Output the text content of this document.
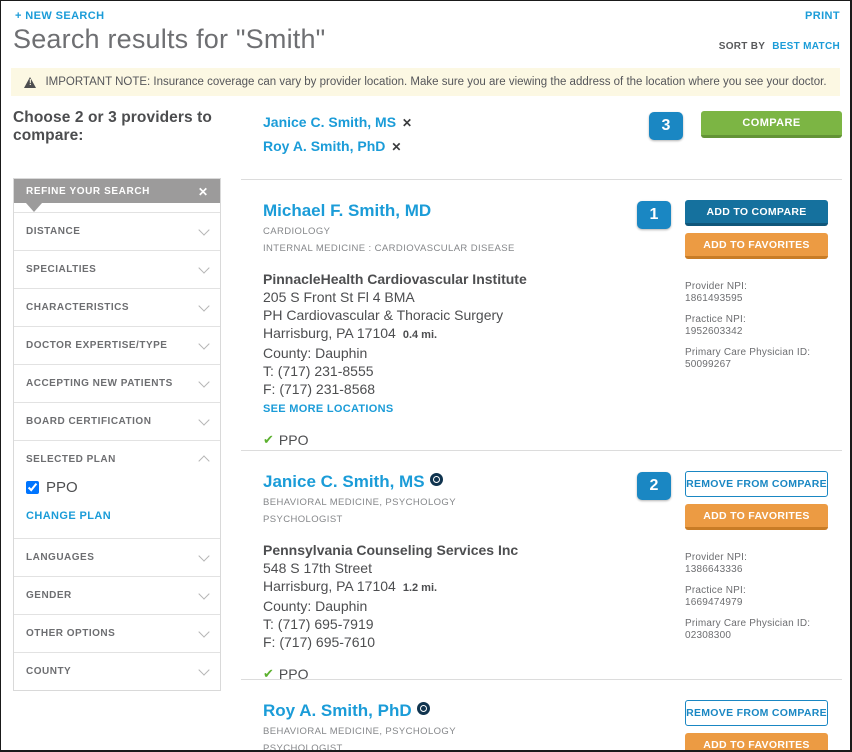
+ NEW SEARCH	PRINT
Search results for "Smith"	SORT BY BEST MATCH
!
IMPORTANT NOTE: Insurance coverage can vary by provider location. Make sure you are viewing the address of the location where you see your doctor.
Choose 2 or 3 providers to compare:
REFINE YOUR SEARCH	✕
DISTANCE
SPECIALTIES
CHARACTERISTICS
DOCTOR EXPERTISE/TYPE
ACCEPTING NEW PATIENTS
BOARD CERTIFICATION
SELECTED PLAN
PPO
CHANGE PLAN
LANGUAGES
GENDER
OTHER OPTIONS
COUNTY
Janice C. Smith, MS ✕
Roy A. Smith, PhD ✕
3	COMPARE
Michael F. Smith, MD
CARDIOLOGY
INTERNAL MEDICINE : CARDIOVASCULAR DISEASE
PinnacleHealth Cardiovascular Institute
205 S Front St Fl 4 BMA
PH Cardiovascular & Thoracic Surgery
Harrisburg, PA 17104 0.4 mi.
County: Dauphin
T: (717) 231-8555
F: (717) 231-8568
SEE MORE LOCATIONS
✔ PPO
1	ADD TO COMPARE
ADD TO FAVORITES
Provider NPI:
1861493595
Practice NPI:
1952603342
Primary Care Physician ID:
50099267
Janice C. Smith, MS
BEHAVIORAL MEDICINE, PSYCHOLOGY
PSYCHOLOGIST
Pennsylvania Counseling Services Inc
548 S 17th Street
Harrisburg, PA 17104 1.2 mi.
County: Dauphin
T: (717) 695-7919
F: (717) 695-7610
✔ PPO
2	REMOVE FROM COMPARE
ADD TO FAVORITES
Provider NPI:
1386643336
Practice NPI:
1669474979
Primary Care Physician ID:
02308300
Roy A. Smith, PhD
BEHAVIORAL MEDICINE, PSYCHOLOGY
PSYCHOLOGIST
REMOVE FROM COMPARE
ADD TO FAVORITES
